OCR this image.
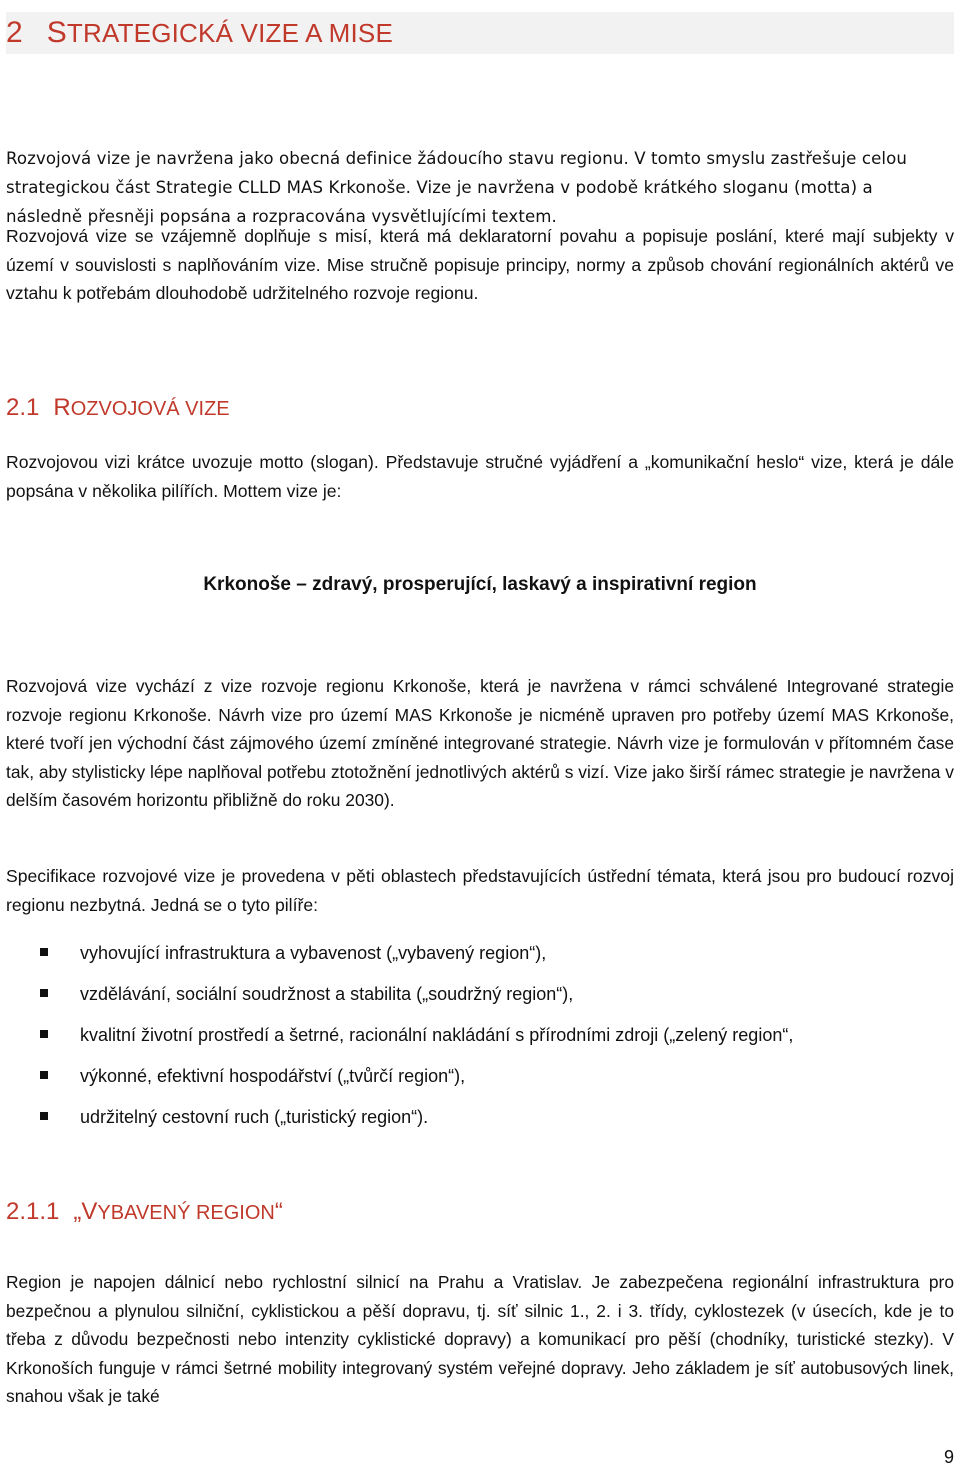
2 STRATEGICKÁ VIZE A MISE

Rozvojová vize je navržena jako obecná definice žádoucího stavu regionu. V tomto smyslu zastřešuje celou strategickou část Strategie CLLD MAS Krkonoše. Vize je navržena v podobě krátkého sloganu (motta) a následně přesněji popsána a rozpracována vysvětlujícími textem.

Rozvojová vize se vzájemně doplňuje s misí, která má deklaratorní povahu a popisuje poslání, které mají subjekty v území v souvislosti s naplňováním vize. Mise stručně popisuje principy, normy a způsob chování regionálních aktérů ve vztahu k potřebám dlouhodobě udržitelného rozvoje regionu.

2.1 ROZVOJOVÁ VIZE

Rozvojovou vizi krátce uvozuje motto (slogan). Představuje stručné vyjádření a „komunikační heslo“ vize, která je dále popsána v několika pilířích. Mottem vize je:

Krkonoše – zdravý, prosperující, laskavý a inspirativní region

Rozvojová vize vychází z vize rozvoje regionu Krkonoše, která je navržena v rámci schválené Integrované strategie rozvoje regionu Krkonoše. Návrh vize pro území MAS Krkonoše je nicméně upraven pro potřeby území MAS Krkonoše, které tvoří jen východní část zájmového území zmíněné integrované strategie. Návrh vize je formulován v přítomném čase tak, aby stylisticky lépe naplňoval potřebu ztotožnění jednotlivých aktérů s vizí. Vize jako širší rámec strategie je navržena v delším časovém horizontu přibližně do roku 2030).

Specifikace rozvojové vize je provedena v pěti oblastech představujících ústřední témata, která jsou pro budoucí rozvoj regionu nezbytná. Jedná se o tyto pilíře:

vyhovující infrastruktura a vybavenost („vybavený region“),
vzdělávání, sociální soudržnost a stabilita („soudržný region“),
kvalitní životní prostředí a šetrné, racionální nakládání s přírodními zdroji („zelený region“,
výkonné, efektivní hospodářství („tvůrčí region“),
udržitelný cestovní ruch („turistický region“).
2.1.1 „VYBAVENÝ REGION“

Region je napojen dálnicí nebo rychlostní silnicí na Prahu a Vratislav. Je zabezpečena regionální infrastruktura pro bezpečnou a plynulou silniční, cyklistickou a pěší dopravu, tj. síť silnic 1., 2. i 3. třídy, cyklostezek (v úsecích, kde je to třeba z důvodu bezpečnosti nebo intenzity cyklistické dopravy) a komunikací pro pěší (chodníky, turistické stezky). V Krkonoších funguje v rámci šetrné mobility integrovaný systém veřejné dopravy. Jeho základem je síť autobusových linek, snahou však je také

9
